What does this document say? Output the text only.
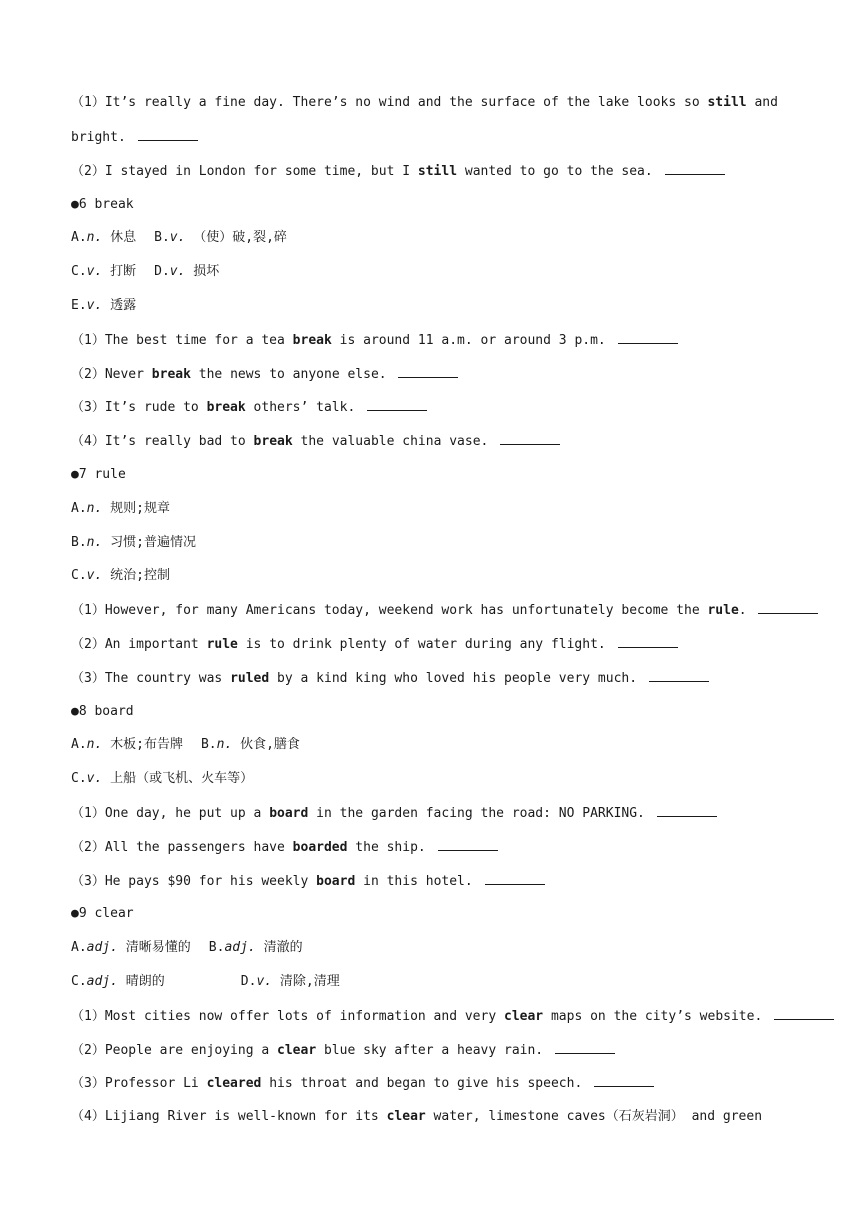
（1）It’s really a fine day. There’s no wind and the surface of the lake looks so still and
bright.
（2）I stayed in London for some time, but I still wanted to go to the sea.
●6 break
A.n. 休息 B.v. （使）破,裂,碎
C.v. 打断 D.v. 损坏
E.v. 透露
（1）The best time for a tea break is around 11 a.m. or around 3 p.m.
（2）Never break the news to anyone else.
（3）It’s rude to break others’ talk.
（4）It’s really bad to break the valuable china vase.
●7 rule
A.n. 规则;规章
B.n. 习惯;普遍情况
C.v. 统治;控制
（1）However, for many Americans today, weekend work has unfortunately become the rule.
（2）An important rule is to drink plenty of water during any flight.
（3）The country was ruled by a kind king who loved his people very much.
●8 board
A.n. 木板;布告牌 B.n. 伙食,膳食
C.v. 上船（或飞机、火车等）
（1）One day, he put up a board in the garden facing the road: NO PARKING.
（2）All the passengers have boarded the ship.
（3）He pays $90 for his weekly board in this hotel.
●9 clear
A.adj. 清晰易懂的 B.adj. 清澈的
C.adj. 晴朗的	D.v. 清除,清理
（1）Most cities now offer lots of information and very clear maps on the city’s website.
（2）People are enjoying a clear blue sky after a heavy rain.
（3）Professor Li cleared his throat and began to give his speech.
（4）Lijiang River is well-known for its clear water, limestone caves（石灰岩洞） and green
